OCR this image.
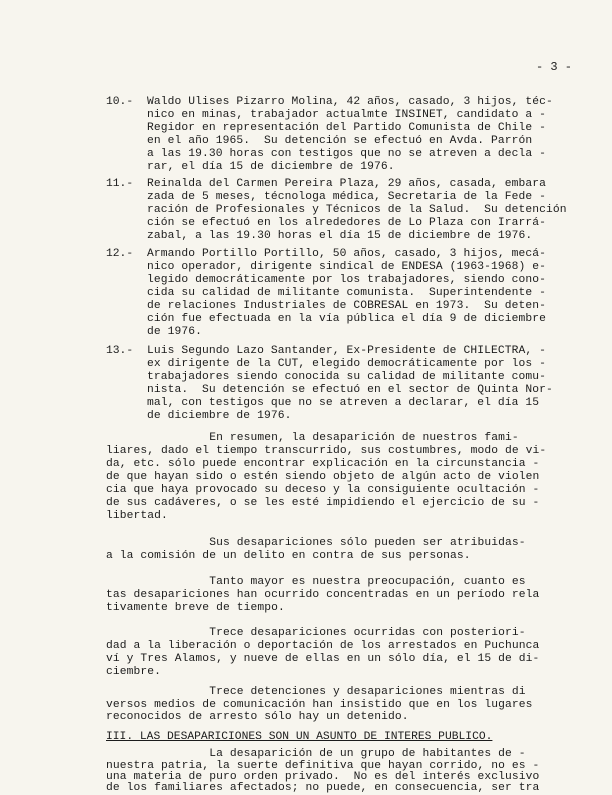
- 3 -
10.- Waldo Ulises Pizarro Molina, 42 años, casado, 3 hijos, téc-
nico en minas, trabajador actualmte INSINET, candidato a -
Regidor en representación del Partido Comunista de Chile -
en el año 1965.  Su detención se efectuó en Avda. Parrón
a las 19.30 horas con testigos que no se atreven a decla -
rar, el día 15 de diciembre de 1976.
11.- Reinalda del Carmen Pereira Plaza, 29 años, casada, embara
zada de 5 meses, técnologa médica, Secretaria de la Fede -
ración de Profesionales y Técnicos de la Salud.  Su detención
ción se efectuó en los alrededores de Lo Plaza con Irarrá-
zabal, a las 19.30 horas el día 15 de diciembre de 1976.
12.- Armando Portillo Portillo, 50 años, casado, 3 hijos, mecá-
nico operador, dirigente sindical de ENDESA (1963-1968) e-
legido democráticamente por los trabajadores, siendo cono-
cida su calidad de militante comunista.  Superintendente -
de relaciones Industriales de COBRESAL en 1973.  Su deten-
ción fue efectuada en la vía pública el día 9 de diciembre
de 1976.
13.- Luis Segundo Lazo Santander, Ex-Presidente de CHILECTRA, -
ex dirigente de la CUT, elegido democráticamente por los -
trabajadores siendo conocida su calidad de militante comu-
nista.  Su detención se efectuó en el sector de Quinta Nor-
mal, con testigos que no se atreven a declarar, el día 15
de diciembre de 1976.
En resumen, la desaparición de nuestros fami-
liares, dado el tiempo transcurrido, sus costumbres, modo de vi-
da, etc. sólo puede encontrar explicación en la circunstancia -
de que hayan sido o estén siendo objeto de algún acto de violen
cia que haya provocado su deceso y la consiguiente ocultación -
de sus cadáveres, o se les esté impidiendo el ejercicio de su -
libertad.
Sus desapariciones sólo pueden ser atribuidas-
a la comisión de un delito en contra de sus personas.
Tanto mayor es nuestra preocupación, cuanto es
tas desapariciones han ocurrido concentradas en un período rela
tivamente breve de tiempo.
Trece desapariciones ocurridas con posteriori-
dad a la liberación o deportación de los arrestados en Puchunca
ví y Tres Alamos, y nueve de ellas en un sólo día, el 15 de di-
ciembre.
Trece detenciones y desapariciones mientras di
versos medios de comunicación han insistido que en los lugares
reconocidos de arresto sólo hay un detenido.
III. LAS DESAPARICIONES SON UN ASUNTO DE INTERES PUBLICO.
La desaparición de un grupo de habitantes de -
nuestra patria, la suerte definitiva que hayan corrido, no es -
una materia de puro orden privado.  No es del interés exclusivo
de los familiares afectados; no puede, en consecuencia, ser tra
